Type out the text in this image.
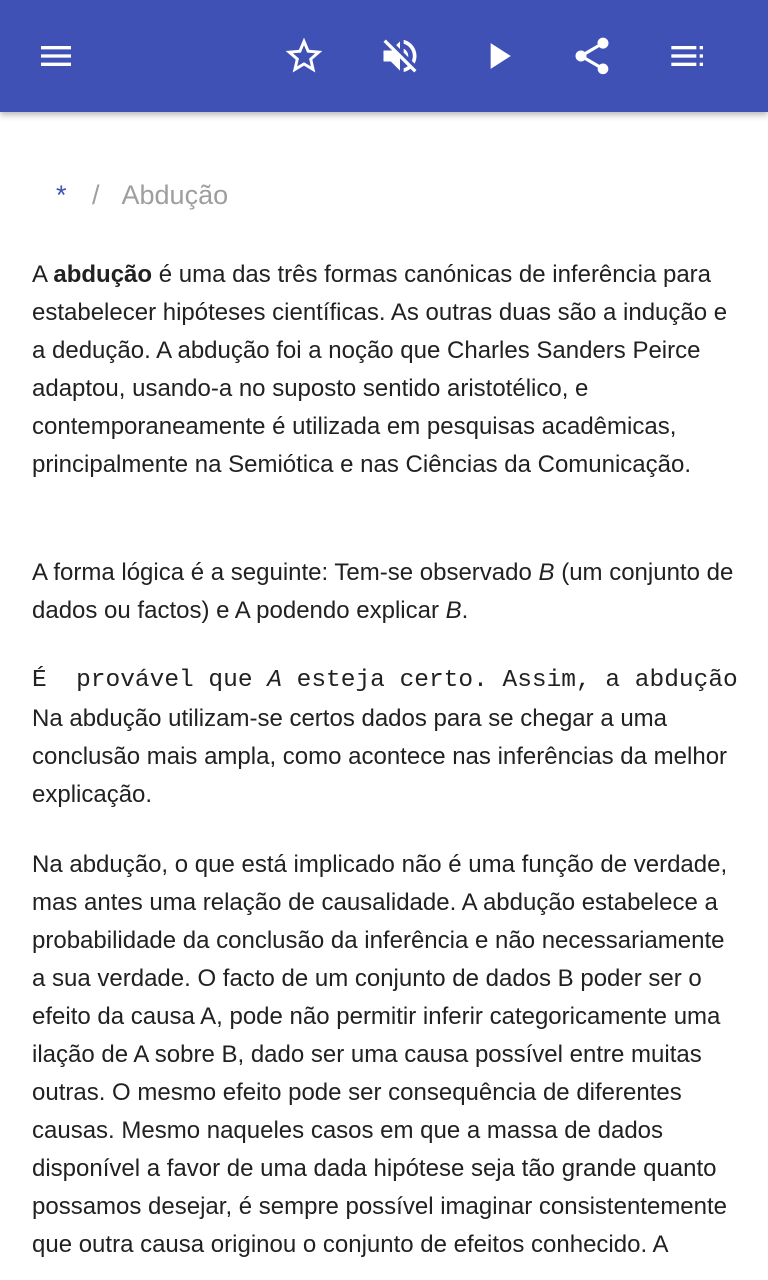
* / Abdução

A abdução é uma das três formas canónicas de inferência para estabelecer hipóteses científicas. As outras duas são a indução e a dedução. A abdução foi a noção que Charles Sanders Peirce adaptou, usando-a no suposto sentido aristotélico, e contemporaneamente é utilizada em pesquisas acadêmicas, principalmente na Semiótica e nas Ciências da Comunicação.

A forma lógica é a seguinte: Tem-se observado B (um conjunto de dados ou factos) e A podendo explicar B.

É  provável que A esteja certo. Assim, a abdução

Na abdução utilizam-se certos dados para se chegar a uma conclusão mais ampla, como acontece nas inferências da melhor explicação.

Na abdução, o que está implicado não é uma função de verdade, mas antes uma relação de causalidade. A abdução estabelece a probabilidade da conclusão da inferência e não necessariamente a sua verdade. O facto de um conjunto de dados B poder ser o efeito da causa A, pode não permitir inferir categoricamente uma ilação de A sobre B, dado ser uma causa possível entre muitas outras. O mesmo efeito pode ser consequência de diferentes causas. Mesmo naqueles casos em que a massa de dados disponível a favor de uma dada hipótese seja tão grande quanto possamos desejar, é sempre possível imaginar consistentemente que outra causa originou o conjunto de efeitos conhecido. A
